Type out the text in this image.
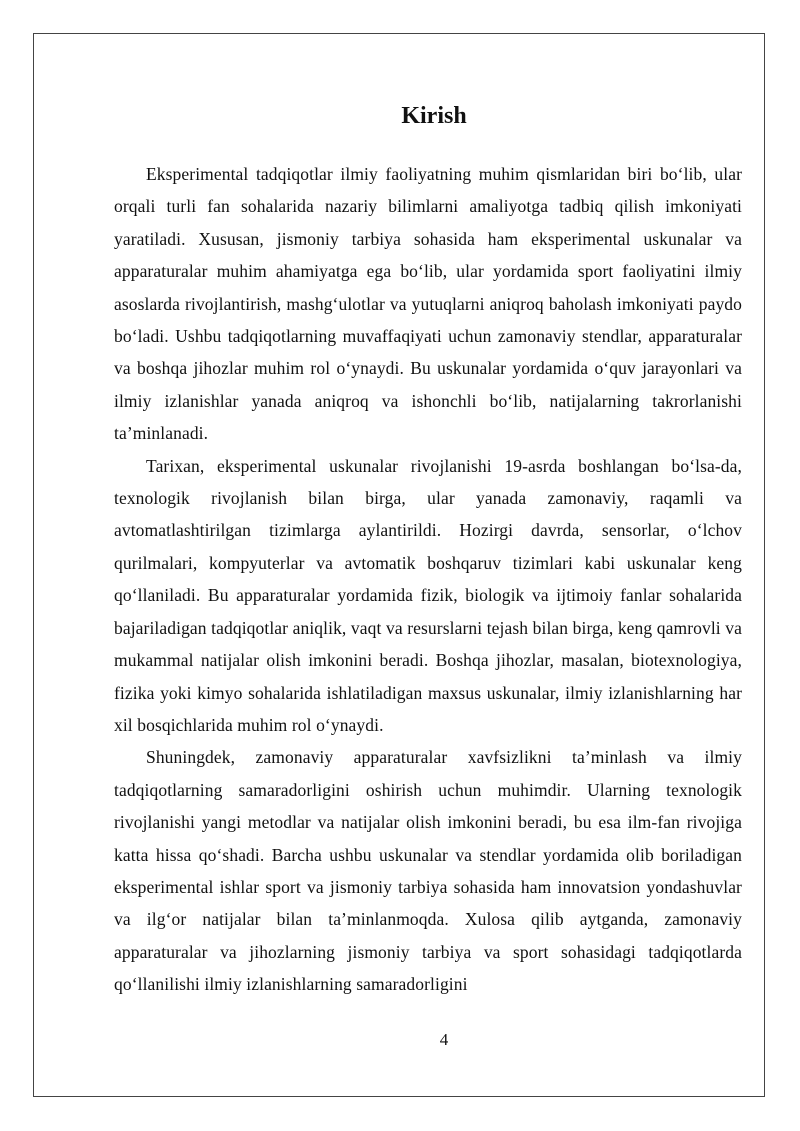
Kirish

Eksperimental tadqiqotlar ilmiy faoliyatning muhim qismlaridan biri bo‘lib, ular orqali turli fan sohalarida nazariy bilimlarni amaliyotga tadbiq qilish imkoniyati yaratiladi. Xususan, jismoniy tarbiya sohasida ham eksperimental uskunalar va apparaturalar muhim ahamiyatga ega bo‘lib, ular yordamida sport faoliyatini ilmiy asoslarda rivojlantirish, mashg‘ulotlar va yutuqlarni aniqroq baholash imkoniyati paydo bo‘ladi. Ushbu tadqiqotlarning muvaffaqiyati uchun zamonaviy stendlar, apparaturalar va boshqa jihozlar muhim rol o‘ynaydi. Bu uskunalar yordamida o‘quv jarayonlari va ilmiy izlanishlar yanada aniqroq va ishonchli bo‘lib, natijalarning takrorlanishi ta’minlanadi.

Tarixan, eksperimental uskunalar rivojlanishi 19-asrda boshlangan bo‘lsa-da, texnologik rivojlanish bilan birga, ular yanada zamonaviy, raqamli va avtomatlashtirilgan tizimlarga aylantirildi. Hozirgi davrda, sensorlar, o‘lchov qurilmalari, kompyuterlar va avtomatik boshqaruv tizimlari kabi uskunalar keng qo‘llaniladi. Bu apparaturalar yordamida fizik, biologik va ijtimoiy fanlar sohalarida bajariladigan tadqiqotlar aniqlik, vaqt va resurslarni tejash bilan birga, keng qamrovli va mukammal natijalar olish imkonini beradi. Boshqa jihozlar, masalan, biotexnologiya, fizika yoki kimyo sohalarida ishlatiladigan maxsus uskunalar, ilmiy izlanishlarning har xil bosqichlarida muhim rol o‘ynaydi.

Shuningdek, zamonaviy apparaturalar xavfsizlikni ta’minlash va ilmiy tadqiqotlarning samaradorligini oshirish uchun muhimdir. Ularning texnologik rivojlanishi yangi metodlar va natijalar olish imkonini beradi, bu esa ilm-fan rivojiga katta hissa qo‘shadi. Barcha ushbu uskunalar va stendlar yordamida olib boriladigan eksperimental ishlar sport va jismoniy tarbiya sohasida ham innovatsion yondashuvlar va ilg‘or natijalar bilan ta’minlanmoqda. Xulosa qilib aytganda, zamonaviy apparaturalar va jihozlarning jismoniy tarbiya va sport sohasidagi tadqiqotlarda qo‘llanilishi ilmiy izlanishlarning samaradorligini

4
